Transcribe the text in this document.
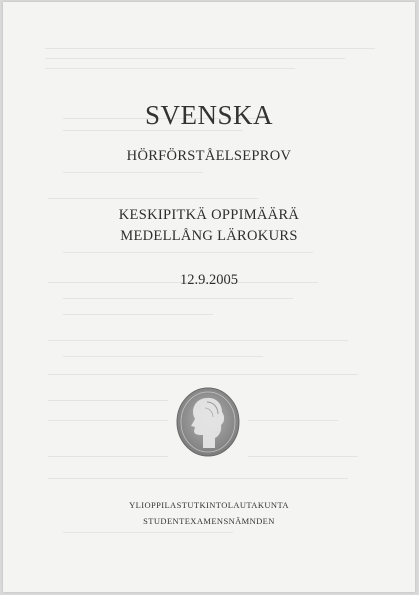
SVENSKA
HÖRFÖRSTÅELSEPROV
KESKIPITKÄ OPPIMÄÄRÄ
MEDELLÅNG LÄROKURS
12.9.2005
YLIOPPILASTUTKINTOLAUTAKUNTA
STUDENTEXAMENSNÄMNDEN
